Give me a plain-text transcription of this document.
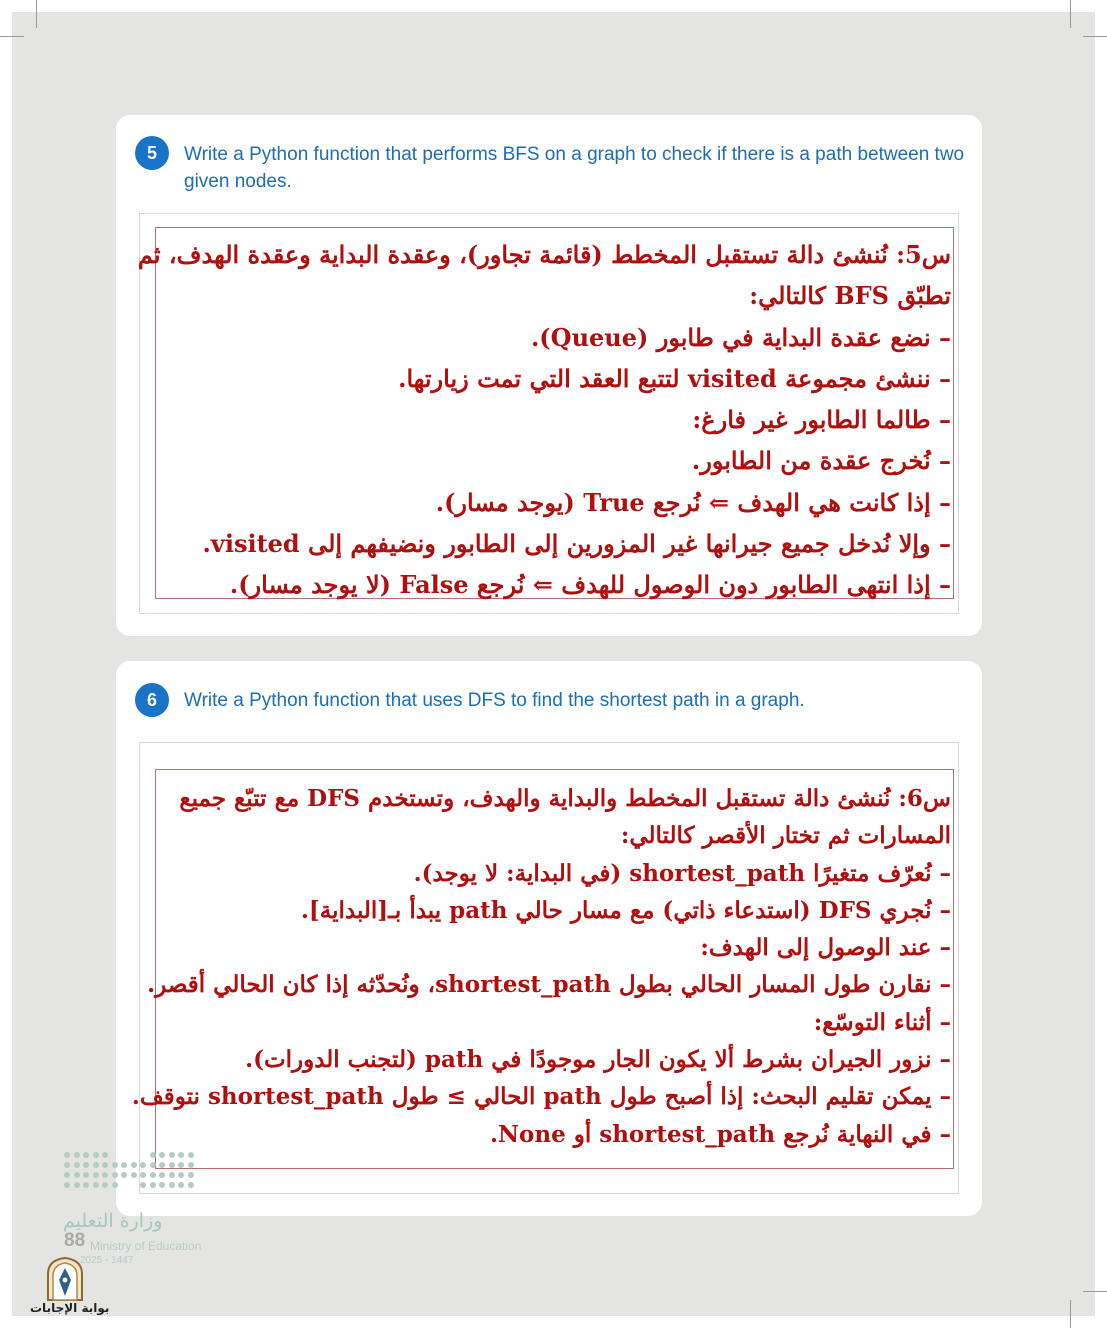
5	Write a Python function that performs BFS on a graph to check if there is a path between two given nodes.
س5: نُنشئ دالة تستقبل المخطط (قائمة تجاور)، وعقدة البداية وعقدة الهدف، ثم
تطبّق BFS كالتالي:
– نضع عقدة البداية في طابور (Queue).
– ننشئ مجموعة visited لتتبع العقد التي تمت زيارتها.
– طالما الطابور غير فارغ:
– نُخرج عقدة من الطابور.
– إذا كانت هي الهدف ⇐ نُرجع True (يوجد مسار).
– وإلا نُدخل جميع جيرانها غير المزورين إلى الطابور ونضيفهم إلى visited.
– إذا انتهى الطابور دون الوصول للهدف ⇐ نُرجع False (لا يوجد مسار).
6	Write a Python function that uses DFS to find the shortest path in a graph.
س6: نُنشئ دالة تستقبل المخطط والبداية والهدف، وتستخدم DFS مع تتبّع جميع
المسارات ثم تختار الأقصر كالتالي:
– نُعرّف متغيرًا shortest_path (في البداية: لا يوجد).
– نُجري DFS (استدعاء ذاتي) مع مسار حالي path يبدأ بـ[البداية].
– عند الوصول إلى الهدف:
– نقارن طول المسار الحالي بطول shortest_path، ونُحدّثه إذا كان الحالي أقصر.
– أثناء التوسّع:
– نزور الجيران بشرط ألا يكون الجار موجودًا في path (لتجنب الدورات).
– يمكن تقليم البحث: إذا أصبح طول path الحالي ≥ طول shortest_path نتوقف.
– في النهاية نُرجع shortest_path أو None.
وزارة التعليم
88 Ministry of Education
2025 - 1447
بوابة الإجابات
